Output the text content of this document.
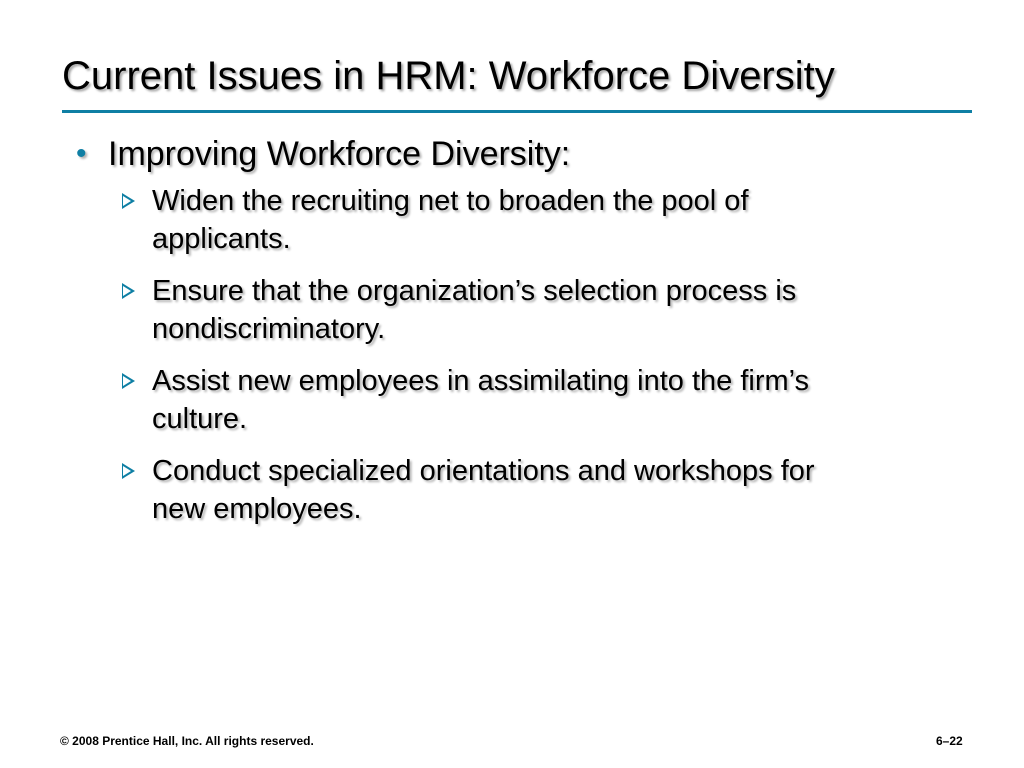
Current Issues in HRM: Workforce Diversity
• Improving Workforce Diversity:
Widen the recruiting net to broaden the pool of applicants.
Ensure that the organization’s selection process is nondiscriminatory.
Assist new employees in assimilating into the firm’s culture.
Conduct specialized orientations and workshops for new employees.
© 2008 Prentice Hall, Inc. All rights reserved.	6–22
